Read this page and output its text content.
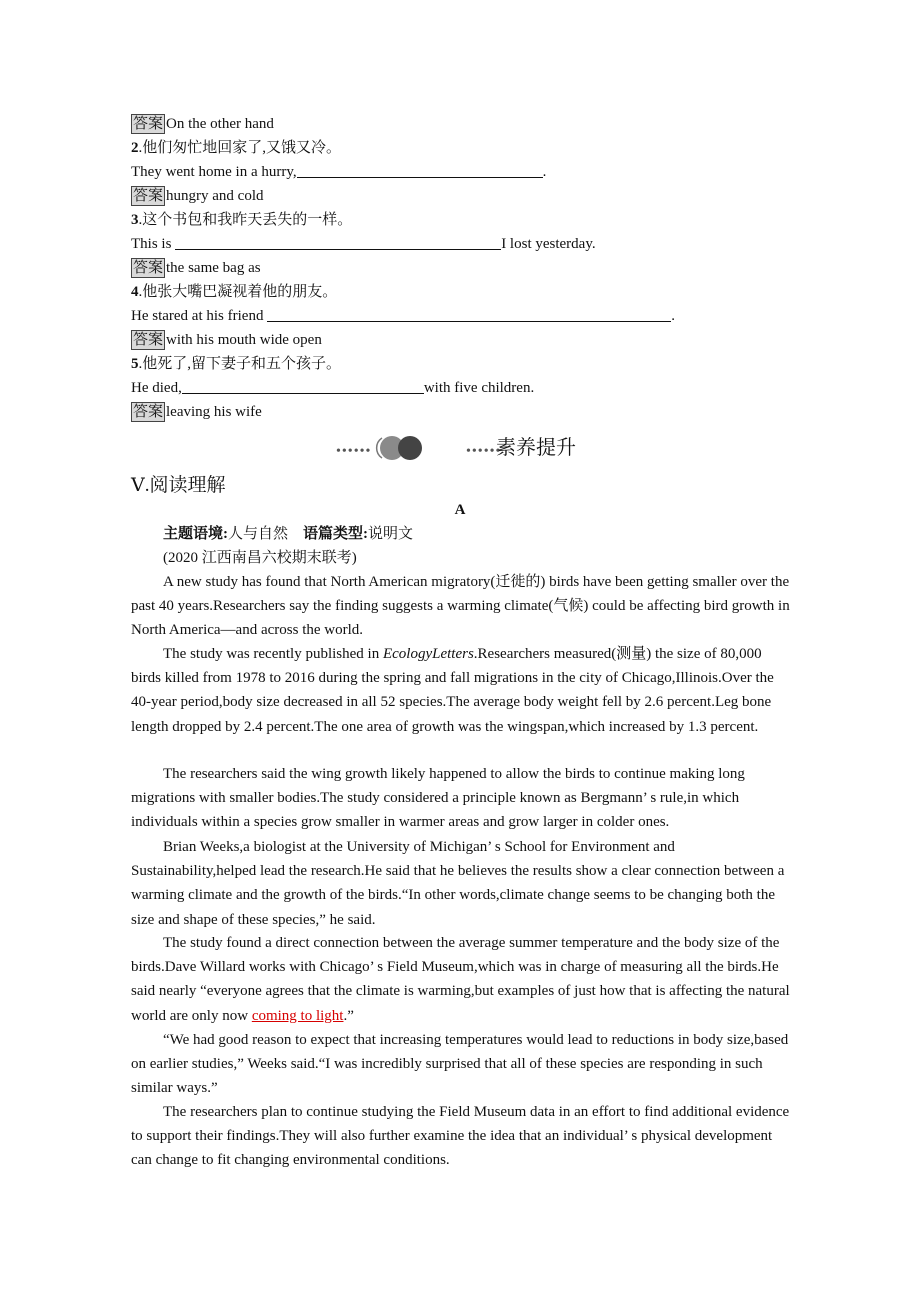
答案 On the other hand
2.他们匆忙地回家了,又饿又冷。
They went home in a hurry,	.
答案 hungry and cold
3.这个书包和我昨天丢失的一样。
This is	I lost yesterday.
答案 the same bag as
4.他张大嘴巴凝视着他的朋友。
He stared at his friend	.
答案 with his mouth wide open
5.他死了,留下妻子和五个孩子。
He died,	with five children.
答案 leaving his wife
••••••	••••••
素养提升
Ⅴ.阅读理解
A
主题语境:人与自然 语篇类型:说明文
(2020 江西南昌六校期末联考)
A new study has found that North American migratory(迁徙的) birds have been getting smaller over the past 40 years.Researchers say the finding suggests a warming climate(气候) could be affecting bird growth in North America—and across the world.
The study was recently published in EcologyLetters.Researchers measured(测量) the size of 80,000 birds killed from 1978 to 2016 during the spring and fall migrations in the city of Chicago,Illinois.Over the 40-year period,body size decreased in all 52 species.The average body weight fell by 2.6 percent.Leg bone length dropped by 2.4 percent.The one area of growth was the wingspan,which increased by 1.3 percent.
The researchers said the wing growth likely happened to allow the birds to continue making long migrations with smaller bodies.The study considered a principle known as Bergmann’ s rule,in which individuals within a species grow smaller in warmer areas and grow larger in colder ones.
Brian Weeks,a biologist at the University of Michigan’ s School for Environment and Sustainability,helped lead the research.He said that he believes the results show a clear connection between a warming climate and the growth of the birds.“In other words,climate change seems to be changing both the size and shape of these species,” he said.
The study found a direct connection between the average summer temperature and the body size of the birds.Dave Willard works with Chicago’ s Field Museum,which was in charge of measuring all the birds.He said nearly “everyone agrees that the climate is warming,but examples of just how that is affecting the natural world are only now coming to light.”
“We had good reason to expect that increasing temperatures would lead to reductions in body size,based on earlier studies,” Weeks said.“I was incredibly surprised that all of these species are responding in such similar ways.”
The researchers plan to continue studying the Field Museum data in an effort to find additional evidence to support their findings.They will also further examine the idea that an individual’ s physical development can change to fit changing environmental conditions.
